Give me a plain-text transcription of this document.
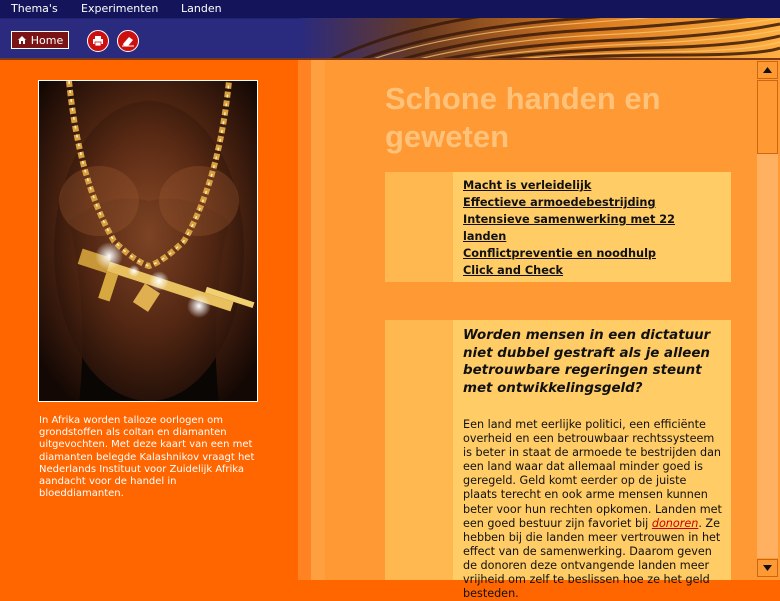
Home
Thema's Experimenten Landen
In Afrika worden talloze oorlogen om grondstoffen als coltan en diamanten uitgevochten. Met deze kaart van een met diamanten belegde Kalashnikov vraagt het Nederlands Instituut voor Zuidelijk Afrika aandacht voor de handel in bloeddiamanten.
Schone handen en geweten
Macht is verleidelijk
Effectieve armoedebestrijding
Intensieve samenwerking met 22 landen
Conflictpreventie en noodhulp
Click and Check
Worden mensen in een dictatuur niet dubbel gestraft als je alleen betrouwbare regeringen steunt met ontwikkelingsgeld?
Een land met eerlijke politici, een efficiënte overheid en een betrouwbaar rechtssysteem is beter in staat de armoede te bestrijden dan een land waar dat allemaal minder goed is geregeld. Geld komt eerder op de juiste plaats terecht en ook arme mensen kunnen beter voor hun rechten opkomen. Landen met een goed bestuur zijn favoriet bij donoren. Ze hebben bij die landen meer vertrouwen in het effect van de samenwerking. Daarom geven de donoren deze ontvangende landen meer vrijheid om zelf te beslissen hoe ze het geld besteden.
